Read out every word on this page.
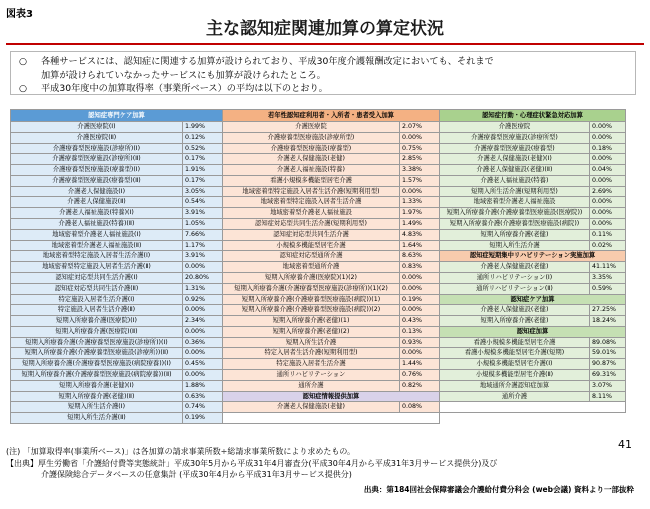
図表3
主な認知症関連加算の算定状況
○	各種サービスには、認知症に関連する加算が設けられており、平成30年度介護報酬改定においても、それまで
加算が設けられていなかったサービスにも加算が設けられたところ。
○	平成30年度中の加算取得率（事業所ベース）の平均は以下のとおり。
認知症専門ケア加算	
介護医療院(Ⅰ)	1.99%
介護医療院(Ⅱ)	0.12%
介護療養型医療施設(診療所)(Ⅰ)	0.52%
介護療養型医療施設(診療所)(Ⅱ)	0.17%
介護療養型医療施設(療養型)(Ⅰ)	1.91%
介護療養型医療施設(療養型)(Ⅱ)	0.17%
介護老人保健施設(Ⅰ)	3.05%
介護老人保健施設(Ⅱ)	0.54%
介護老人福祉施設(特養)(Ⅰ)	3.91%
介護老人福祉施設(特養)(Ⅱ)	1.05%
地域密着型介護老人福祉施設(Ⅰ)	7.66%
地域密着型介護老人福祉施設(Ⅱ)	1.17%
地域密着型特定施設入居者生活介護(Ⅰ)	3.91%
地域密着型特定施設入居者生活介護(Ⅱ)	0.00%
認知症対応型共同生活介護(Ⅰ)	20.80%
認知症対応型共同生活介護(Ⅱ)	1.31%
特定施設入居者生活介護(Ⅰ)	0.92%
特定施設入居者生活介護(Ⅱ)	0.00%
短期入所療養介護(医療院)(Ⅰ)	2.34%
短期入所療養介護(医療院)(Ⅱ)	0.00%
短期入所療養介護(介護療養型医療施設(診療所))(Ⅰ)	0.36%
短期入所療養介護(介護療養型医療施設(診療所))(Ⅱ)	0.00%
短期入所療養介護(介護療養型医療施設(病院療養))(Ⅰ)	0.45%
短期入所療養介護(介護療養型医療施設(病院療養))(Ⅱ)	0.00%
短期入所療養介護(老健)(Ⅰ)	1.88%
短期入所療養介護(老健)(Ⅱ)	0.63%
短期入所生活介護(Ⅰ)	0.74%
短期入所生活介護(Ⅱ)	0.19%
若年性認知症利用者・入所者・患者受入加算	
介護医療院	2.07%
介護療養型医療施設(診療所型)	0.00%
介護療養型医療施設(療養型)	0.75%
介護老人保健施設(老健)	2.85%
介護老人福祉施設(特養)	3.38%
看護小規模多機能型居宅介護	1.57%
地域密着型特定施設入居者生活介護(短期利用型)	0.00%
地域密着型特定施設入居者生活介護	1.33%
地域密着型介護老人福祉施設	1.97%
認知症対応型共同生活介護(短期利用型)	1.49%
認知症対応型共同生活介護	4.83%
小規模多機能型居宅介護	1.64%
認知症対応型通所介護	8.63%
地域密着型通所介護	0.83%
短期入所療養介護(医療院)(1)(2)	0.00%
短期入所療養介護(介護療養型医療施設(診療所))(1)(2)	0.00%
短期入所療養介護(介護療養型医療施設(病院))(1)	0.19%
短期入所療養介護(介護療養型医療施設(病院))(2)	0.00%
短期入所療養介護(老健)(1)	0.43%
短期入所療養介護(老健)(2)	0.13%
短期入所生活介護	0.93%
特定入居者生活介護(短期利用型)	0.00%
特定施設入居者生活介護	1.44%
通所リハビリテーション	0.76%
通所介護	0.82%
認知症情報提供加算	
介護老人保健施設(老健)	0.08%

認知症行動・心理症状緊急対応加算	
介護医療院	0.00%
介護療養型医療施設(診療所型)	0.00%
介護療養型医療施設(療養型)	0.18%
介護老人保健施設(老健)(Ⅰ)	0.00%
介護老人保健施設(老健)(Ⅱ)	0.04%
介護老人福祉施設(特養)	0.00%
短期入所生活介護(短期利用型)	2.69%
地域密着型介護老人福祉施設	0.00%
短期入所療養介護(介護療養型医療施設(医療院))	0.00%
短期入所療養介護(介護療養型医療施設(病院))	0.00%
短期入所療養介護(老健)	0.11%
短期入所生活介護	0.02%
認知症短期集中リハビリテーション実施加算	
介護老人保健施設(老健)	41.11%
通所リハビリテーション(Ⅰ)	3.35%
通所リハビリテーション(Ⅱ)	0.59%
認知症ケア加算	
介護老人保健施設(老健)	27.25%
短期入所療養介護(老健)	18.24%
認知症加算	
看護小規模多機能型居宅介護	89.08%
看護小規模多機能型居宅介護(短期)	59.01%
小規模多機能型居宅介護(Ⅰ)	90.87%
小規模多機能型居宅介護(Ⅱ)	69.31%
地域通所介護認知症加算	3.07%
通所介護	8.11%

(注) 「加算取得率(事業所ベース)」は各加算の請求事業所数÷総請求事業所数により求めたもの。
【出典】厚生労働省「介護給付費等実態統計」平成30年5月から平成31年4月審査分(平成30年4月から平成31年3月サービス提供分)及び
介護保険総合データベースの任意集計 (平成30年4月から平成31年3月サービス提供分)
41
出典：第184回社会保障審議会介護給付費分科会 (web会議) 資料より一部抜粋
